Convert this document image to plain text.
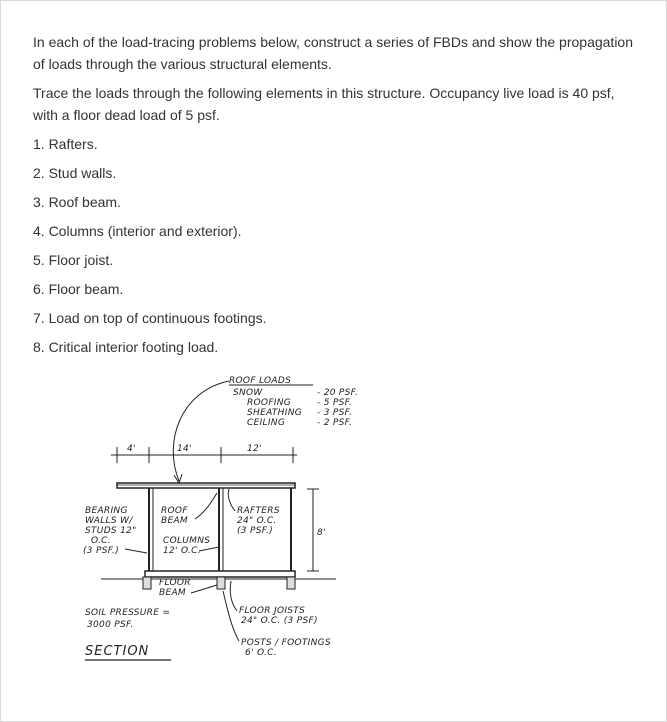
In each of the load-tracing problems below, construct a series of FBDs and show the propagation of loads through the various structural elements.

Trace the loads through the following elements in this structure. Occupancy live load is 40 psf, with a floor dead load of 5 psf.

1. Rafters.
2. Stud walls.
3. Roof beam.
4. Columns (interior and exterior).
5. Floor joist.
6. Floor beam.
7. Load on top of continuous footings.
8. Critical interior footing load.
ROOF LOADS
SNOW	- 20 PSF.
ROOFING	- 5 PSF.
SHEATHING - 3 PSF.
CEILING	- 2 PSF.
4'	14'	12'
8'
BEARING
WALLS W/
STUDS 12"
O.C.
(3 PSF.)
ROOF
BEAM
COLUMNS
12' O.C.
RAFTERS
24" O.C.
(3 PSF.)
FLOOR
BEAM
SOIL PRESSURE =
3000 PSF.
FLOOR JOISTS
24" O.C. (3 PSF)
POSTS / FOOTINGS
6' O.C.
SECTION
